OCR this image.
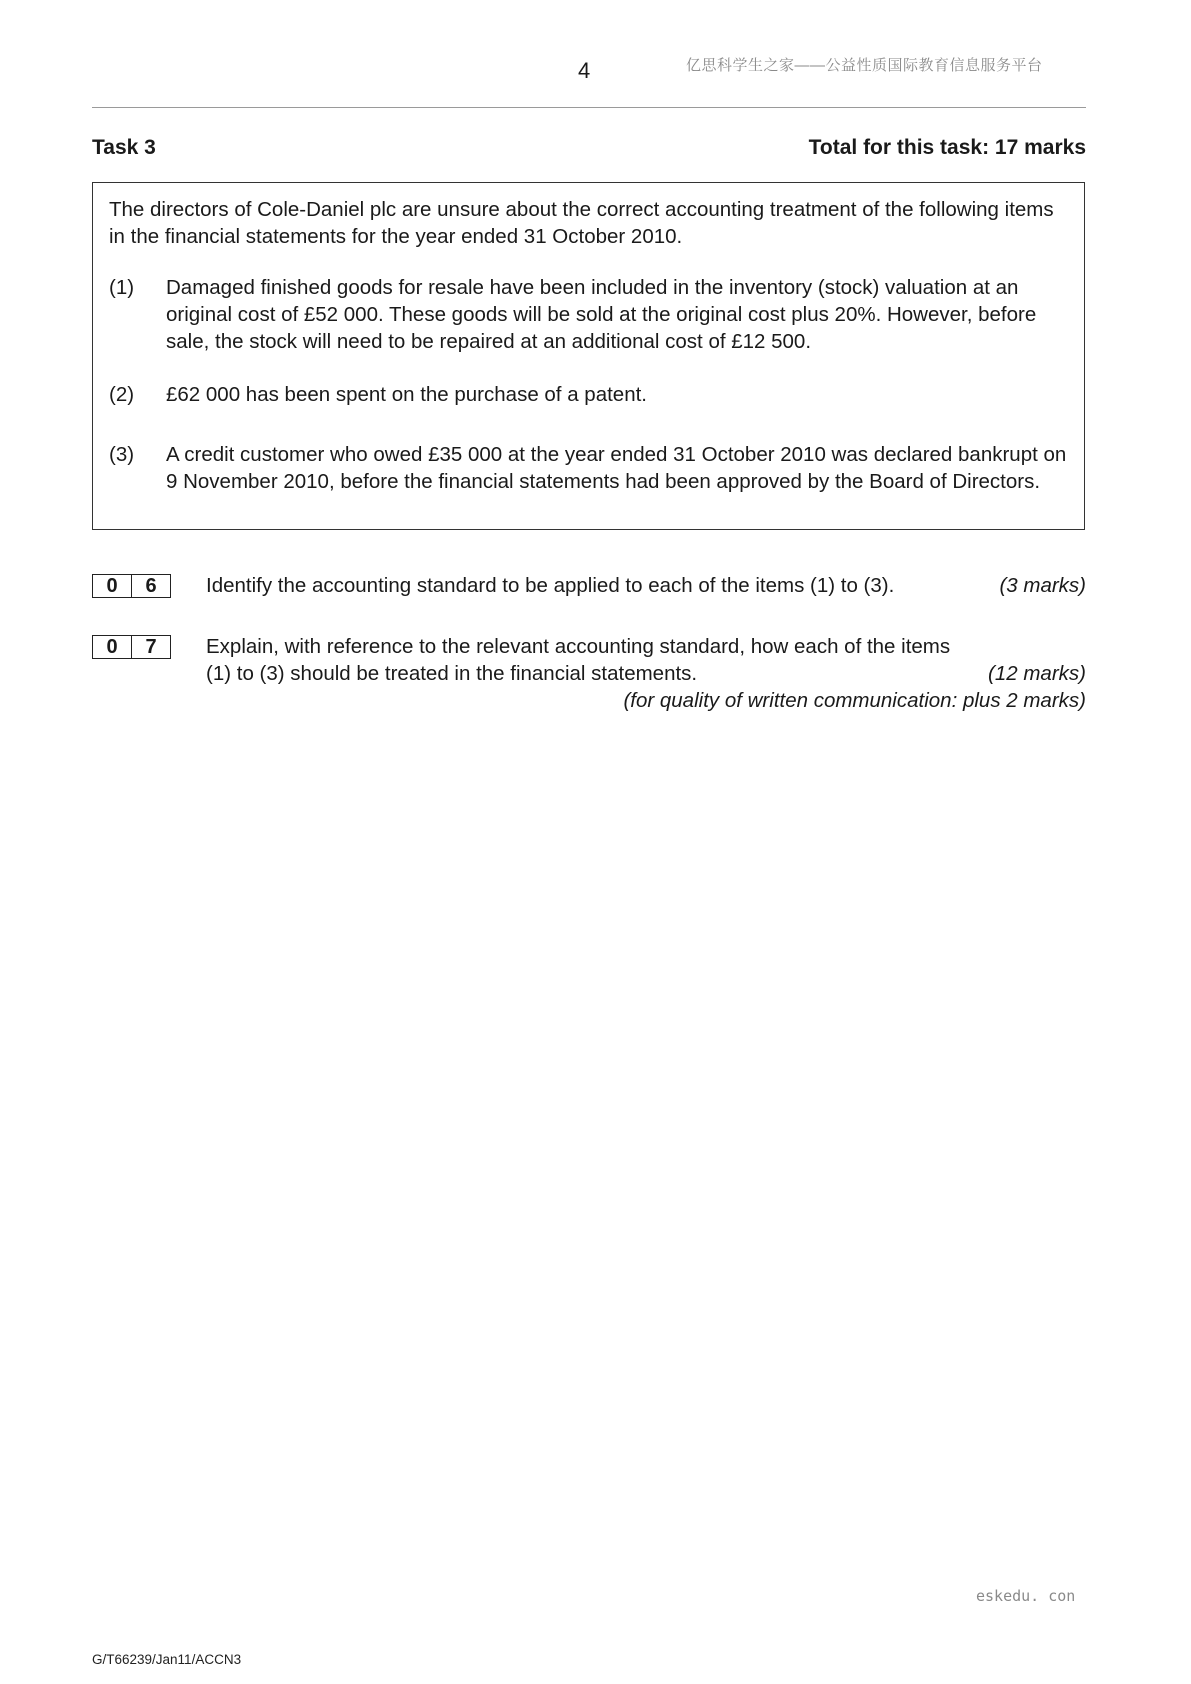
4	亿思科学生之家——公益性质国际教育信息服务平台
Task 3	Total for this task: 17 marks
The directors of Cole-Daniel plc are unsure about the correct accounting treatment of the following items in the financial statements for the year ended 31 October 2010.
(1) Damaged finished goods for resale have been included in the inventory (stock) valuation at an original cost of £52 000. These goods will be sold at the original cost plus 20%. However, before sale, the stock will need to be repaired at an additional cost of £12 500.
(2) £62 000 has been spent on the purchase of a patent.
(3) A credit customer who owed £35 000 at the year ended 31 October 2010 was declared bankrupt on 9 November 2010, before the financial statements had been approved by the Board of Directors.
0	6	Identify the accounting standard to be applied to each of the items (1) to (3).	(3 marks)
0	7	Explain, with reference to the relevant accounting standard, how each of the items
(1) to (3) should be treated in the financial statements.	(12 marks)
(for quality of written communication: plus 2 marks)
eskedu. con
G/T66239/Jan11/ACCN3
